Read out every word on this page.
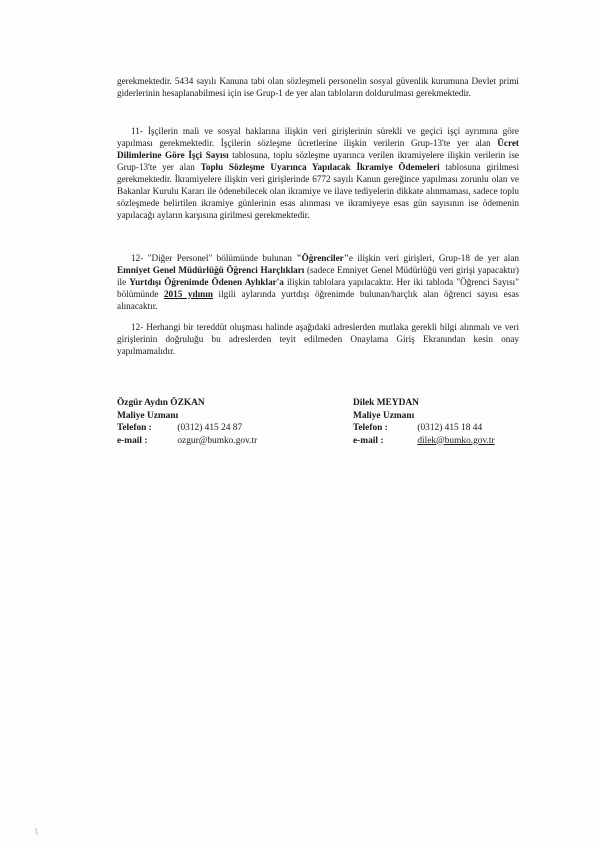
gerekmektedir. 5434 sayılı Kanuna tabi olan sözleşmeli personelin sosyal güvenlik kurumuna Devlet primi giderlerinin hesaplanabilmesi için ise Grup-1 de yer alan tabloların doldurulması gerekmektedir.
11- İşçilerin mali ve sosyal haklarına ilişkin veri girişlerinin sürekli ve geçici işçi ayrımına göre yapılması gerekmektedir. İşçilerin sözleşme ücretlerine ilişkin verilerin Grup-13'te yer alan Ücret Dilimlerine Göre İşçi Sayısı tablosuna, toplu sözleşme uyarınca verilen ikramiyelere ilişkin verilerin ise Grup-13'te yer alan Toplu Sözleşme Uyarınca Yapılacak İkramiye Ödemeleri tablosuna girilmesi gerekmektedir. İkramiyelere ilişkin veri girişlerinde 6772 sayılı Kanun gereğince yapılması zorunlu olan ve Bakanlar Kurulu Kararı ile ödenebilecek olan ikramiye ve ilave tediyelerin dikkate alınmaması, sadece toplu sözleşmede belirtilen ikramiye günlerinin esas alınması ve ikramiyeye esas gün sayısının ise ödemenin yapılacağı ayların karşısına girilmesi gerekmektedir.
12- "Diğer Personel" bölümünde bulunan "Öğrenciler"e ilişkin veri girişleri, Grup-18 de yer alan Emniyet Genel Müdürlüğü Öğrenci Harçlıkları (sadece Emniyet Genel Müdürlüğü veri girişi yapacaktır) ile Yurtdışı Öğrenimde Ödenen Aylıklar'a ilişkin tablolara yapılacaktır. Her iki tabloda "Öğrenci Sayısı" bölümünde 2015 yılının ilgili aylarında yurtdışı öğrenimde bulunan/harçlık alan öğrenci sayısı esas alınacaktır.
12- Herhangi bir tereddüt oluşması halinde aşağıdaki adreslerden mutlaka gerekli bilgi alınmalı ve veri girişlerinin doğruluğu bu adreslerden teyit edilmeden Onaylama Giriş Ekranından kesin onay yapılmamalıdır.
Özgür Aydın ÖZKAN
Maliye Uzmanı
Telefon :	(0312) 415 24 87
e-mail :	ozgur@bumko.gov.tr
Dilek MEYDAN
Maliye Uzmanı
Telefon :	(0312) 415 18 44
e-mail :	dilek@bumko.gov.tr
